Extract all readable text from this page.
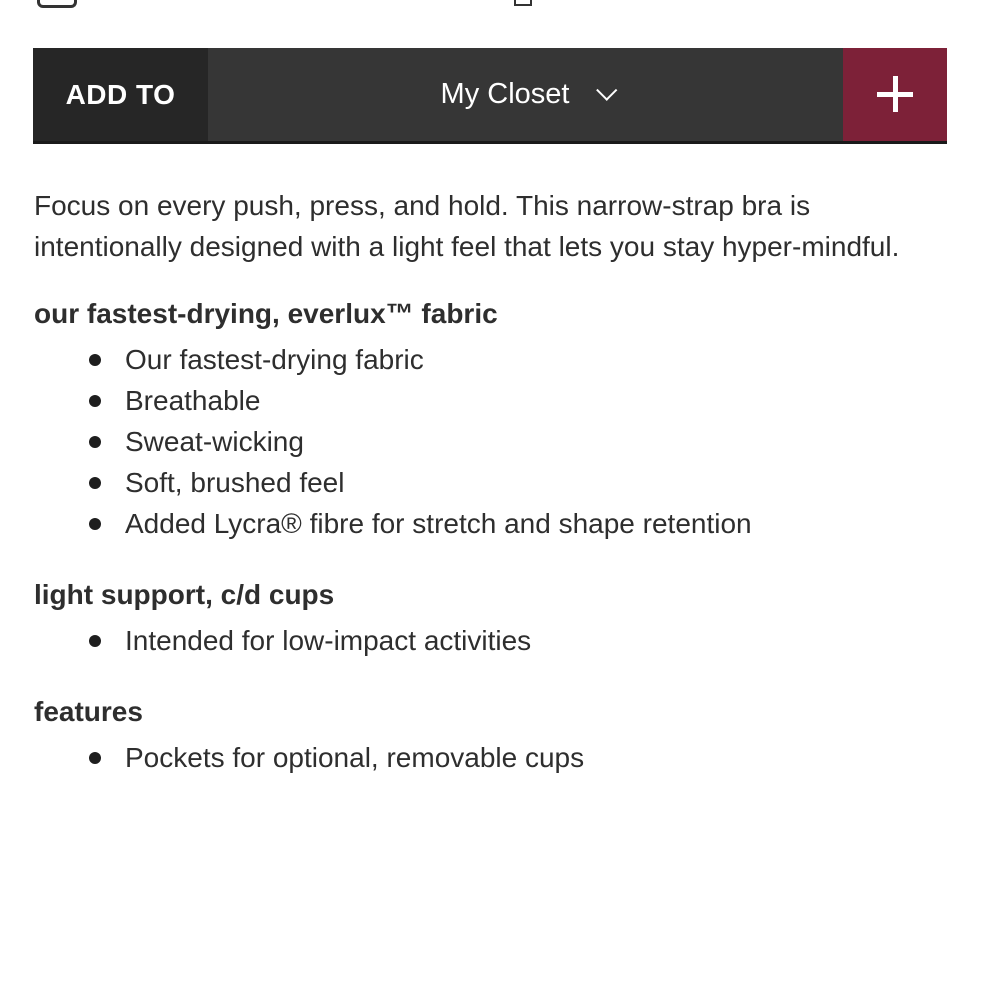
ADD TO	My Closet

Focus on every push, press, and hold. This narrow-strap bra is intentionally designed with a light feel that lets you stay hyper-mindful.

our fastest-drying, everlux™ fabric

Our fastest-drying fabric
Breathable
Sweat-wicking
Soft, brushed feel
Added Lycra® fibre for stretch and shape retention

light support, c/d cups

Intended for low-impact activities

features

Pockets for optional, removable cups
